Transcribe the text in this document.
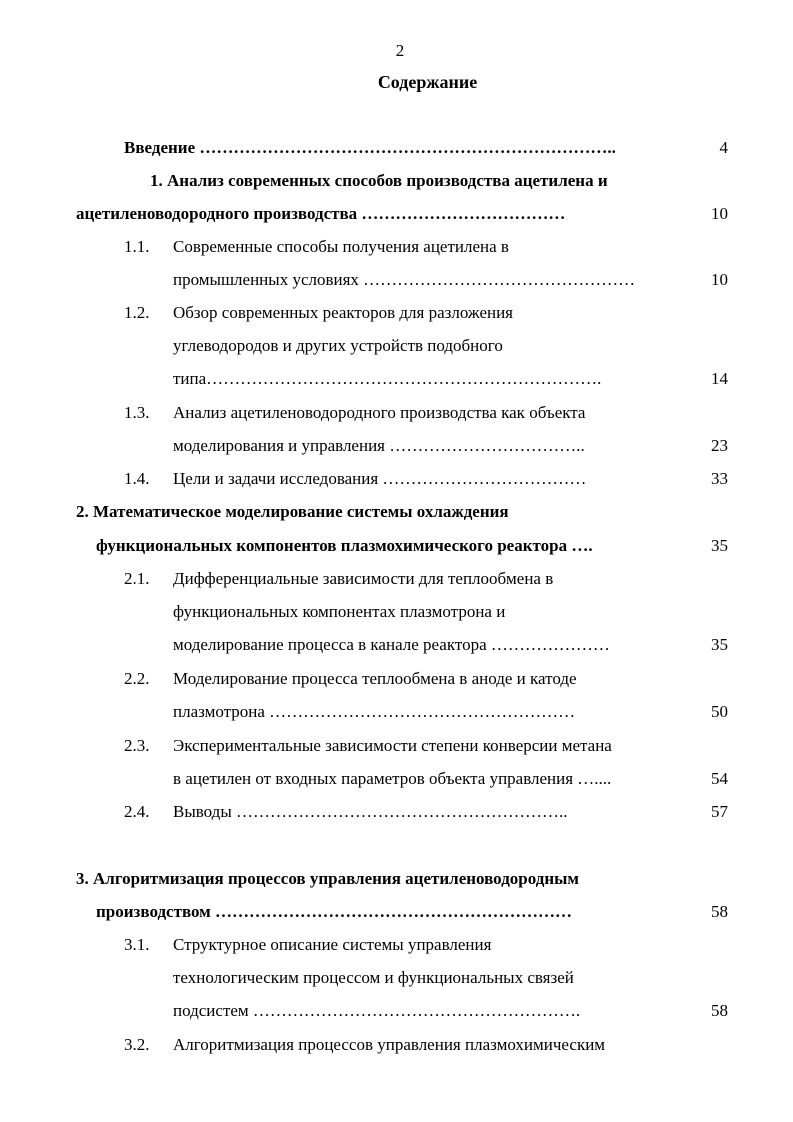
2
Содержание
Введение ………………………………………………………………..	4
1. Анализ современных способов производства ацетилена и
ацетиленоводородного производства ………………………………	10
1.1. Современные способы получения ацетилена в
промышленных условиях …………………………………………	10
1.2. Обзор современных реакторов для разложения
углеводородов и других устройств подобного
типа…………………………………………………………….	14
1.3. Анализ ацетиленоводородного производства как объекта
моделирования и управления ……………………………..	23
1.4. Цели и задачи исследования ………………………………	33
2. Математическое моделирование системы охлаждения
функциональных компонентов плазмохимического реактора ….	35
2.1. Дифференциальные зависимости для теплообмена в
функциональных компонентах плазмотрона и
моделирование процесса в канале реактора …………………	35
2.2. Моделирование процесса теплообмена в аноде и катоде
плазмотрона ………………………………………………	50
2.3. Экспериментальные зависимости степени конверсии метана
в ацетилен от входных параметров объекта управления …....	54
2.4. Выводы …………………………………………………..	57
3. Алгоритмизация процессов управления ацетиленоводородным
производством ………………………………………………………	58
3.1. Структурное описание системы управления
технологическим процессом и функциональных связей
подсистем ………………………………………………….	58
3.2. Алгоритмизация процессов управления плазмохимическим
